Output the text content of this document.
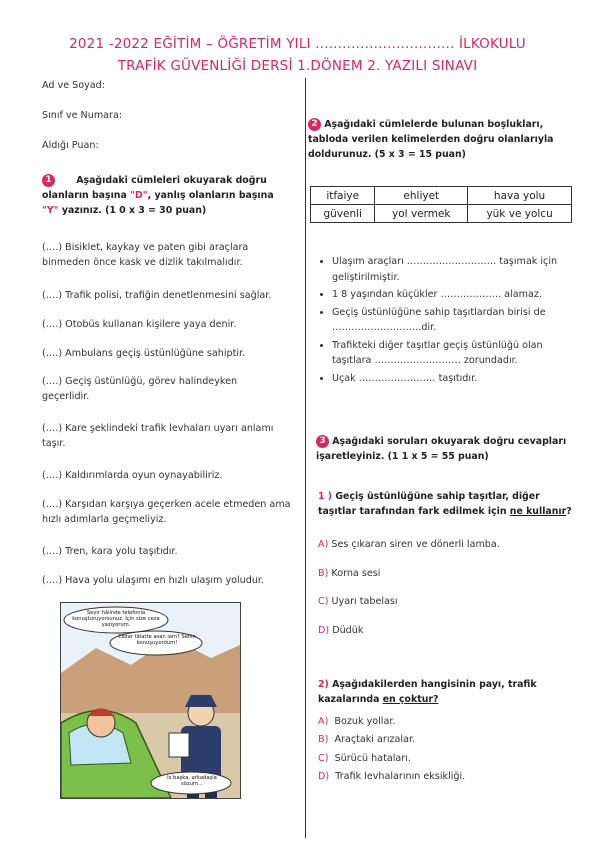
2021 -2022 EĞİTİM – ÖĞRETİM YILI ............................... İLKOKULU
TRAFİK GÜVENLİĞİ DERSİ 1.DÖNEM 2. YAZILI SINAVI
Ad ve Soyad:
Sınıf ve Numara:
Aldığı Puan:
1	Aşağıdaki cümleleri okuyarak doğru olanların başına "D", yanlış olanların başına "Y" yazınız. (1 0 x 3 = 30 puan)
(….) Bisiklet, kaykay ve paten gibi araçlara binmeden önce kask ve dizlik takılmalıdır.
(….) Trafik polisi, trafiğin denetlenmesini sağlar.
(….) Otobüs kullanan kişilere yaya denir.
(….) Ambulans geçiş üstünlüğüne sahiptir.
(….) Geçiş üstünlüğü, görev halindeyken geçerlidir.
(….) Kare şeklindeki trafik levhaları uyarı anlamı taşır.
(….) Kaldırımlarda oyun oynayabiliriz.
(….) Karşıdan karşıya geçerken acele etmeden ama hızlı adımlarla geçmeliyiz.
(….) Tren, kara yolu taşıtıdır.
(….) Hava yolu ulaşımı en hızlı ulaşım yoludur.
Seyir hâlinde telefonla konuşturuyorsunuz. İçin size ceza yazıyorum.
Cezar tâlatte asan iam? Senin konuşuyordum!
İs başka, arkadaşla sözum...
2 Aşağıdaki cümlelerde bulunan boşlukları, tabloda verilen kelimelerden doğru olanlarıyla doldurunuz. (5 x 3 = 15 puan)
itfaiye	ehliyet	hava yolu
güvenli	yol vermek	yük ve yolcu
• Ulaşım araçları ………………………. taşımak için geliştirilmiştir.
• 1 8 yaşından küçükler ………………. alamaz.
• Geçiş üstünlüğüne sahip taşıtlardan birisi de ……………………….dir.
• Trafikteki diğer taşıtlar geçiş üstünlüğü olan taşıtlara ……………………… zorundadır.
• Uçak …………………… taşıtıdır.
3 Aşağıdaki soruları okuyarak doğru cevapları işaretleyiniz. (1 1 x 5 = 55 puan)
1 ) Geçiş üstünlüğüne sahip taşıtlar, diğer taşıtlar tarafından fark edilmek için ne kullanır?
A) Ses çıkaran siren ve dönerli lamba.
B) Korna sesi
C) Uyarı tabelası
D) Düdük
2) Aşağıdakilerden hangisinin payı, trafik kazalarında en çoktur?
A) Bozuk yollar.
B) Araçtaki arızalar.
C) Sürücü hataları.
D) Trafik levhalarının eksikliği.
